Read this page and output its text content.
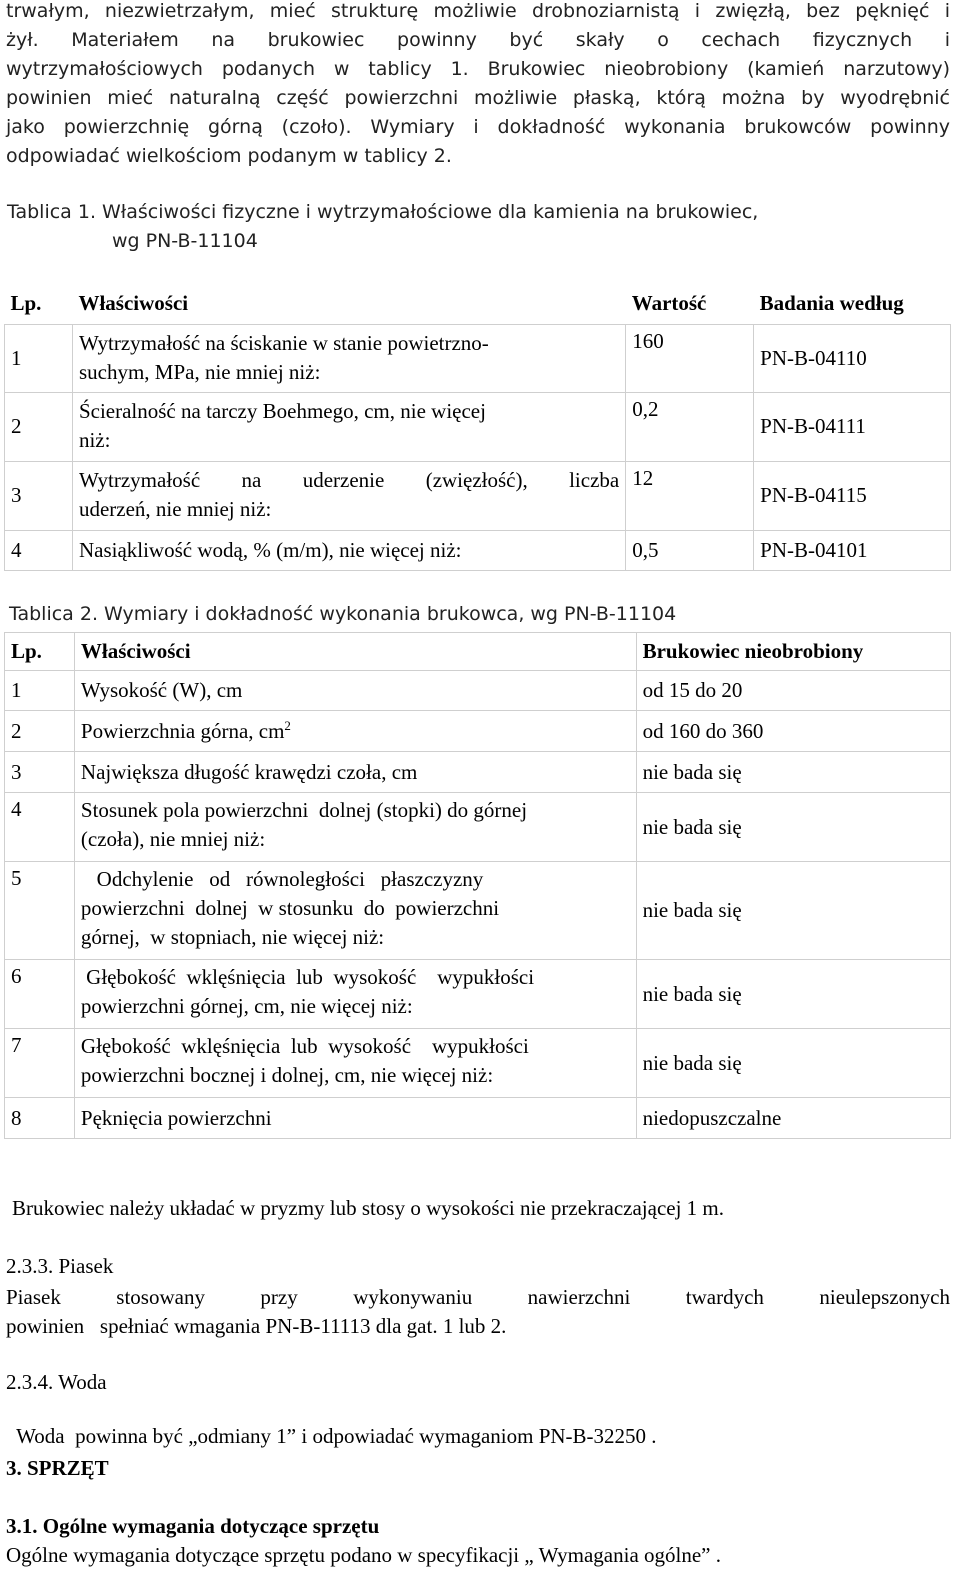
trwałym, niezwietrzałym, mieć strukturę możliwie drobnoziarnistą i zwięzłą, bez pęknięć i
żył. Materiałem na brukowiec powinny być skały o cechach fizycznych i
wytrzymałościowych podanych w tablicy 1. Brukowiec nieobrobiony (kamień narzutowy)
powinien mieć naturalną część powierzchni możliwie płaską, którą można by wyodrębnić
jako powierzchnię górną (czoło). Wymiary i dokładność wykonania brukowców powinny
odpowiadać wielkościom podanym w tablicy 2.
Tablica 1. Właściwości fizyczne i wytrzymałościowe dla kamienia na brukowiec,
wg PN-B-11104
Lp.	Właściwości	Wartość	Badania według
1	Wytrzymałość na ściskanie w stanie powietrzno-
suchym, MPa, nie mniej niż:	160	PN-B-04110
2	Ścieralność na tarczy Boehmego, cm, nie więcej
niż:	0,2	PN-B-04111
3	Wytrzymałość na uderzenie (zwięzłość), liczba
uderzeń, nie mniej niż:	12	PN-B-04115
4	Nasiąkliwość wodą, % (m/m), nie więcej niż:	0,5	PN-B-04101
Tablica 2. Wymiary i dokładność wykonania brukowca, wg PN-B-11104
Lp.	Właściwości	Brukowiec nieobrobiony
1	Wysokość (W), cm	od 15 do 20
2	Powierzchnia górna, $cm^2$	od 160 do 360
3	Największa długość krawędzi czoła, cm	nie bada się
4	Stosunek pola powierzchni  dolnej (stopki) do górnej
(czoła), nie mniej niż:	nie bada się
5	Odchylenie   od   równoległości   płaszczyzny
powierzchni  dolnej  w stosunku  do  powierzchni
górnej,  w stopniach, nie więcej niż:	nie bada się
6	Głębokość  wklęśnięcia  lub  wysokość    wypukłości
powierzchni górnej, cm, nie więcej niż:	nie bada się
7	Głębokość  wklęśnięcia  lub  wysokość    wypukłości
powierzchni bocznej i dolnej, cm, nie więcej niż:	nie bada się
8	Pęknięcia powierzchni	niedopuszczalne
Brukowiec należy układać w pryzmy lub stosy o wysokości nie przekraczającej 1 m.
2.3.3. Piasek
Piasek   stosowany   przy   wykonywaniu   nawierzchni   twardych   nieulepszonych
powinien   spełniać wmagania PN-B-11113 dla gat. 1 lub 2.
2.3.4. Woda

Woda  powinna być „odmiany 1” i odpowiadać wymaganiom PN-B-32250 .

3. SPRZĘT
3.1. Ogólne wymagania dotyczące sprzętu
Ogólne wymagania dotyczące sprzętu podano w specyfikacji „ Wymagania ogólne” .
